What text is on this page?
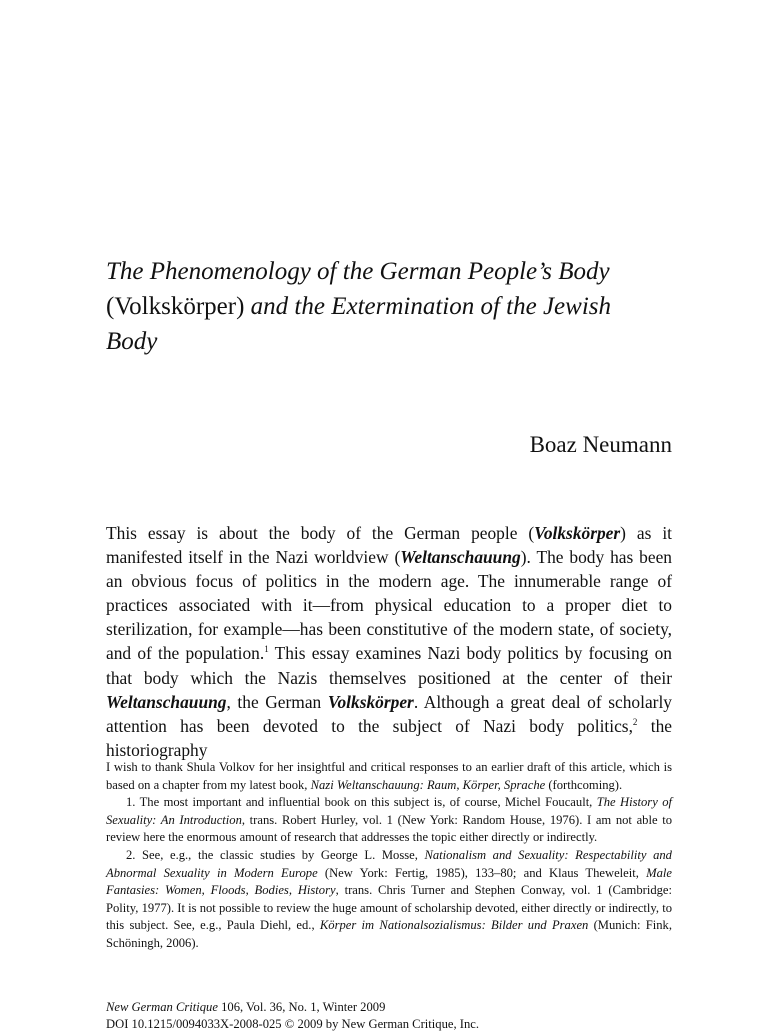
The Phenomenology of the German People’s Body (Volkskörper) and the Extermination of the Jewish Body
Boaz Neumann

This essay is about the body of the German people (Volkskörper) as it manifested itself in the Nazi worldview (Weltanschauung). The body has been an obvious focus of politics in the modern age. The innumerable range of practices associated with it—from physical education to a proper diet to sterilization, for example—has been constitutive of the modern state, of society, and of the population.$^1$ This essay examines Nazi body politics by focusing on that body which the Nazis themselves positioned at the center of their Weltanschauung, the German Volkskörper. Although a great deal of scholarly attention has been devoted to the subject of Nazi body politics,$^2$ the historiography

I wish to thank Shula Volkov for her insightful and critical responses to an earlier draft of this article, which is based on a chapter from my latest book, Nazi Weltanschauung: Raum, Körper, Sprache (forthcoming).

1. The most important and influential book on this subject is, of course, Michel Foucault, The History of Sexuality: An Introduction, trans. Robert Hurley, vol. 1 (New York: Random House, 1976). I am not able to review here the enormous amount of research that addresses the topic either directly or indirectly.

2. See, e.g., the classic studies by George L. Mosse, Nationalism and Sexuality: Respectability and Abnormal Sexuality in Modern Europe (New York: Fertig, 1985), 133–80; and Klaus Theweleit, Male Fantasies: Women, Floods, Bodies, History, trans. Chris Turner and Stephen Conway, vol. 1 (Cambridge: Polity, 1977). It is not possible to review the huge amount of scholarship devoted, either directly or indirectly, to this subject. See, e.g., Paula Diehl, ed., Körper im Nationalsozialismus: Bilder und Praxen (Munich: Fink, Schöningh, 2006).

New German Critique 106, Vol. 36, No. 1, Winter 2009
DOI 10.1215/0094033X-2008-025 © 2009 by New German Critique, Inc.
